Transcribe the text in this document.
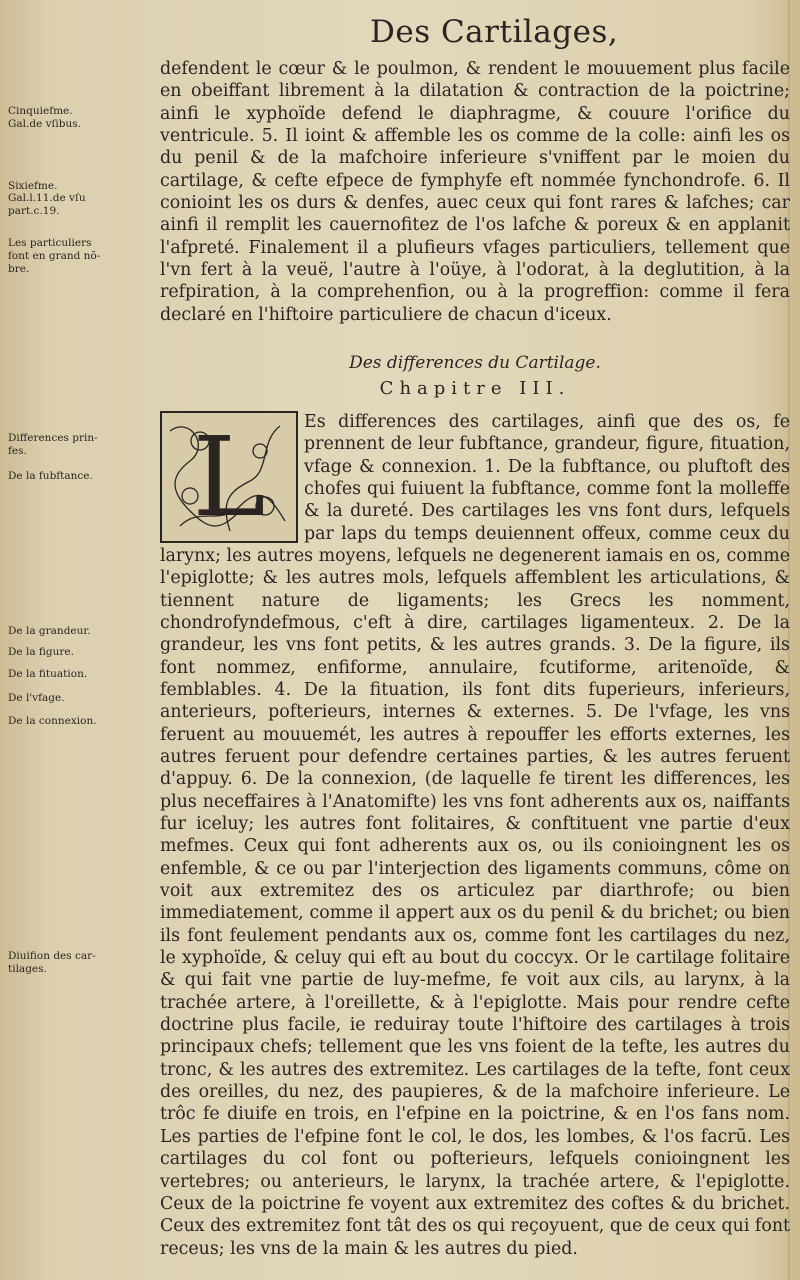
Des Cartilages,
Cinquiefme.
Gal.de vſibus.
Sixiefme.
Gal.l.11.de vſu
part.c.19.
Les particuliers
font en grand nõ-
bre.
Differences prin-
fes.
De la fubftance.
De la grandeur.
De la figure.
De la fituation.
De l'vfage.
De la connexion.
Diuifion des car-
tilages.

defendent le cœur & le poulmon, & rendent le mouuement plus facile en obeiffant librement à la dilatation & contraction de la poictrine; ainfi le xyphoïde defend le diaphragme, & couure l'orifice du ventricule. 5. Il ioint & affemble les os comme de la colle: ainfi les os du penil & de la mafchoire inferieure s'vniffent par le moien du cartilage, & cefte efpece de fymphyfe eft nommée fynchondrofe. 6. Il conioint les os durs & denfes, auec ceux qui font rares & lafches; car ainfi il remplit les cauernofitez de l'os lafche & poreux & en applanit l'afpreté. Finalement il a plufieurs vfages particuliers, tellement que l'vn fert à la veuë, l'autre à l'oüye, à l'odorat, à la deglutition, à la refpiration, à la comprehenfion, ou à la progreffion: comme il fera declaré en l'hiftoire particuliere de chacun d'iceux.

Des differences du Cartilage.
Chapitre III.
L	Es differences des cartilages, ainfi que des os, fe prennent de leur fubftance, grandeur, figure, fituation, vfage & connexion. 1. De la fubftance, ou pluftoft des chofes qui fuiuent la fubftance, comme font la molleffe & la dureté. Des cartilages les vns font durs, lefquels par laps du temps deuiennent offeux, comme ceux du larynx; les autres moyens, lefquels ne degenerent iamais en os, comme l'epiglotte; & les autres mols, lefquels affemblent les articulations, & tiennent nature de ligaments; les Grecs les nomment, chondrofyndefmous, c'eft à dire, cartilages ligamenteux. 2. De la grandeur, les vns font petits, & les autres grands. 3. De la figure, ils font nommez, enfiforme, annulaire, fcutiforme, aritenoïde, & femblables. 4. De la fituation, ils font dits fuperieurs, inferieurs, anterieurs, pofterieurs, internes & externes. 5. De l'vfage, les vns feruent au mouuemét, les autres à repouffer les efforts externes, les autres feruent pour defendre certaines parties, & les autres feruent d'appuy. 6. De la connexion, (de laquelle fe tirent les differences, les plus neceffaires à l'Anatomifte) les vns font adherents aux os, naiffants fur iceluy; les autres font folitaires, & conftituent vne partie d'eux mefmes. Ceux qui font adherents aux os, ou ils conioingnent les os enfemble, & ce ou par l'interjection des ligaments communs, côme on voit aux extremitez des os articulez par diarthrofe; ou bien immediatement, comme il appert aux os du penil & du brichet; ou bien ils font feulement pendants aux os, comme font les cartilages du nez, le xyphoïde, & celuy qui eft au bout du coccyx. Or le cartilage folitaire & qui fait vne partie de luy-mefme, fe voit aux cils, au larynx, à la trachée artere, à l'oreillette, & à l'epiglotte. Mais pour rendre cefte doctrine plus facile, ie reduiray toute l'hiftoire des cartilages à trois principaux chefs; tellement que les vns foient de la tefte, les autres du tronc, & les autres des extremitez. Les cartilages de la tefte, font ceux des oreilles, du nez, des paupieres, & de la mafchoire inferieure. Le trôc fe diuife en trois, en l'efpine en la poictrine, & en l'os fans nom. Les parties de l'efpine font le col, le dos, les lombes, & l'os facrū. Les cartilages du col font ou pofterieurs, lefquels conioingnent les vertebres; ou anterieurs, le larynx, la trachée artere, & l'epiglotte. Ceux de la poictrine fe voyent aux extremitez des coftes & du brichet. Ceux des extremitez font tât des os qui reçoyuent, que de ceux qui font receus; les vns de la main & les autres du pied.
